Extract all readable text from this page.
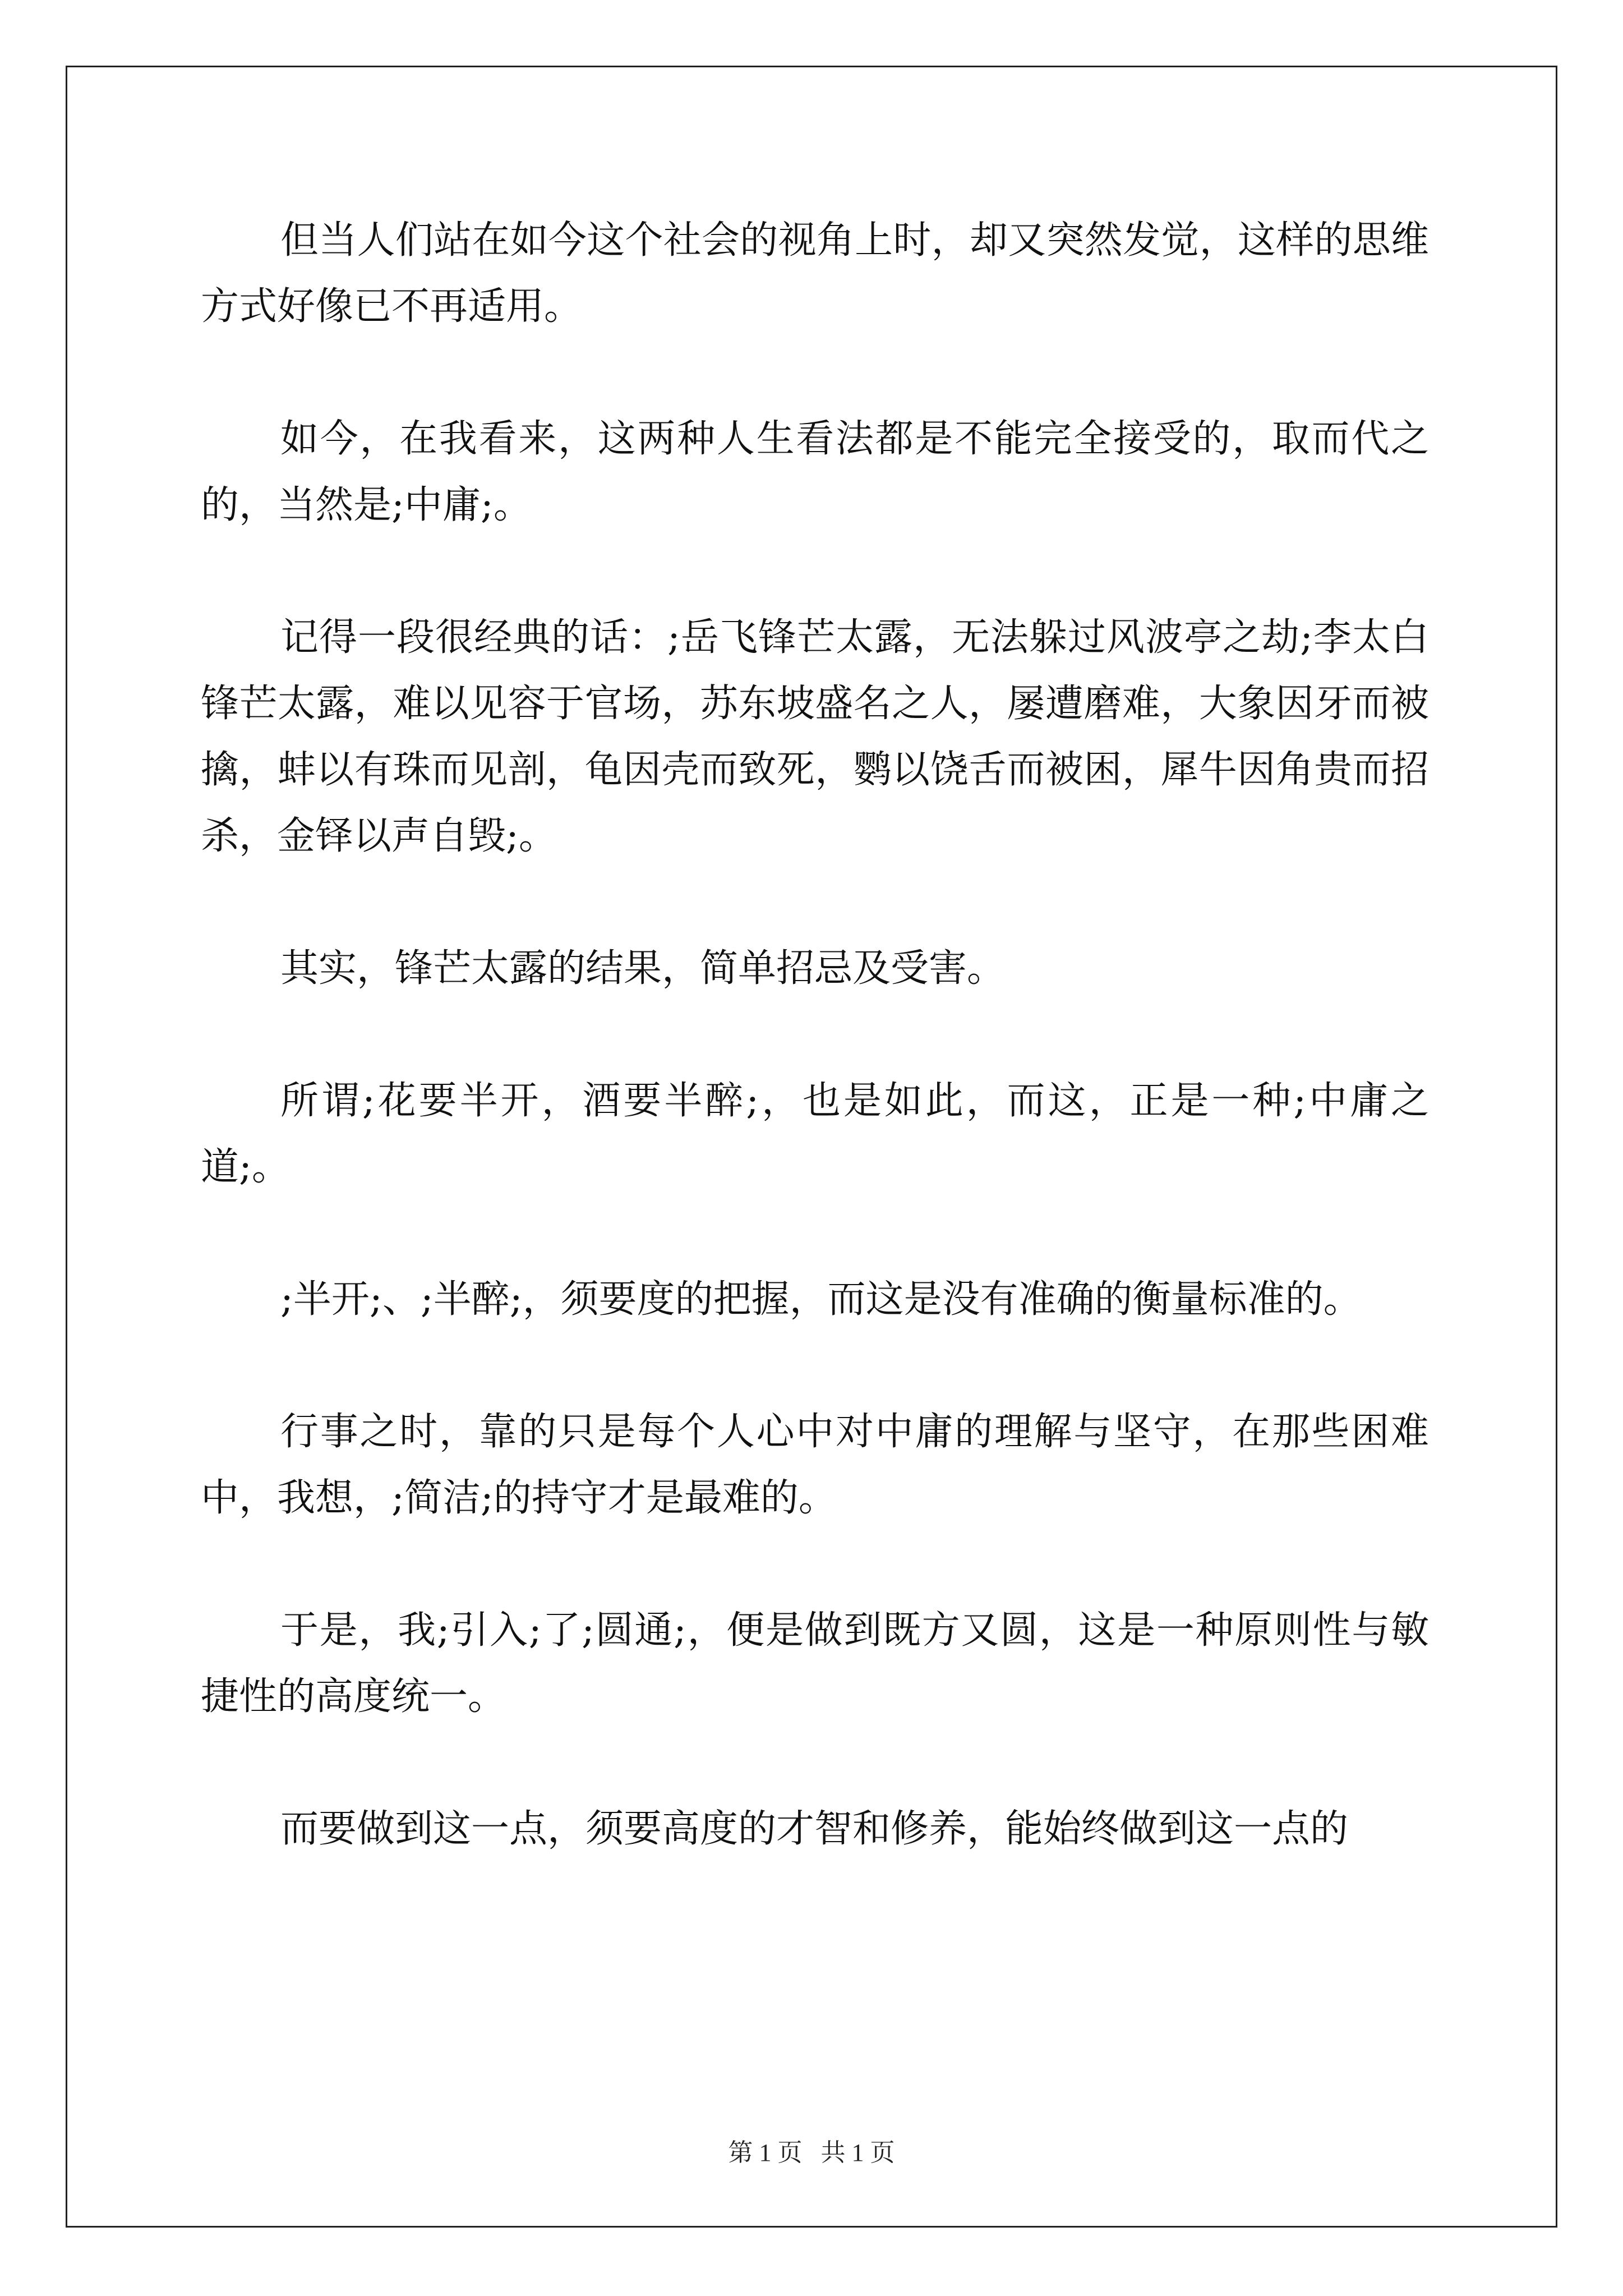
但当人们站在如今这个社会的视角上时，却又突然发觉，这样的思维方式好像已不再适用。

如今，在我看来，这两种人生看法都是不能完全接受的，取而代之的，当然是;中庸;。

记得一段很经典的话：;岳飞锋芒太露，无法躲过风波亭之劫;李太白锋芒太露，难以见容于官场，苏东坡盛名之人，屡遭磨难，大象因牙而被擒，蚌以有珠而见剖，龟因壳而致死，鹦以饶舌而被困，犀牛因角贵而招杀，金铎以声自毁;。

其实，锋芒太露的结果，简单招忌及受害。

所谓;花要半开，酒要半醉;，也是如此，而这，正是一种;中庸之道;。

;半开;、;半醉;，须要度的把握，而这是没有准确的衡量标准的。

行事之时，靠的只是每个人心中对中庸的理解与坚守，在那些困难中，我想，;简洁;的持守才是最难的。

于是，我;引入;了;圆通;，便是做到既方又圆，这是一种原则性与敏捷性的高度统一。

而要做到这一点，须要高度的才智和修养，能始终做到这一点的

第 1 页   共 1 页
